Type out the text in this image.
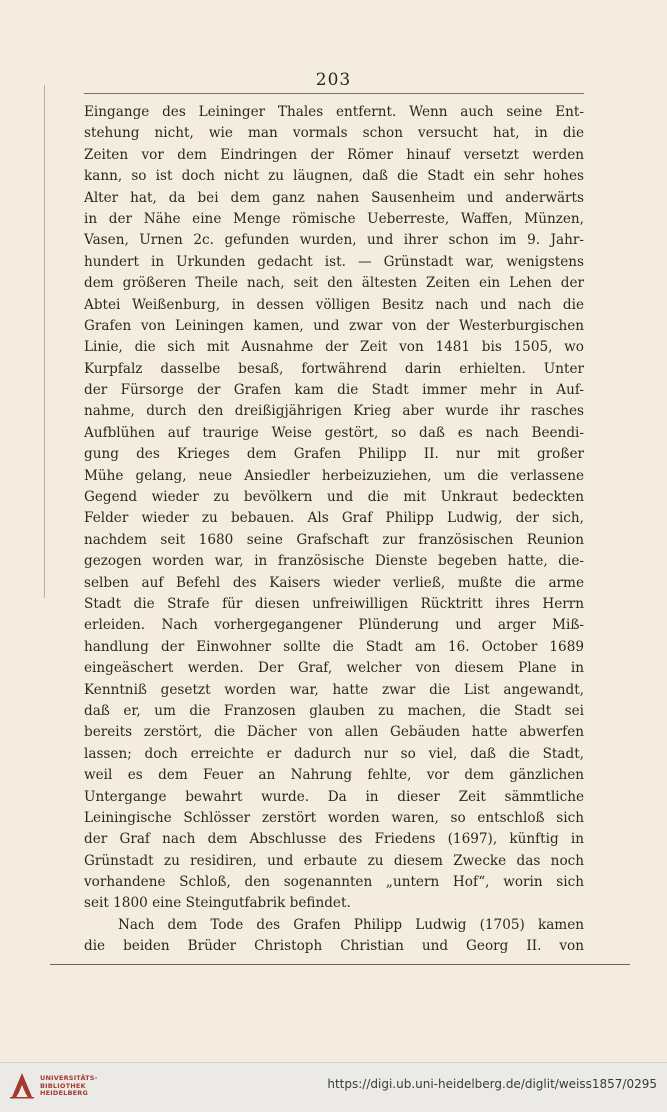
203
Eingange des Leininger Thales entfernt. Wenn auch seine Ent-
stehung nicht, wie man vormals schon versucht hat, in die
Zeiten vor dem Eindringen der Römer hinauf versetzt werden
kann, so ist doch nicht zu läugnen, daß die Stadt ein sehr hohes
Alter hat, da bei dem ganz nahen Sausenheim und anderwärts
in der Nähe eine Menge römische Ueberreste, Waffen, Münzen,
Vasen, Urnen 2c. gefunden wurden, und ihrer schon im 9. Jahr-
hundert in Urkunden gedacht ist. — Grünstadt war, wenigstens
dem größeren Theile nach, seit den ältesten Zeiten ein Lehen der
Abtei Weißenburg, in dessen völligen Besitz nach und nach die
Grafen von Leiningen kamen, und zwar von der Westerburgischen
Linie, die sich mit Ausnahme der Zeit von 1481 bis 1505, wo
Kurpfalz dasselbe besaß, fortwährend darin erhielten. Unter
der Fürsorge der Grafen kam die Stadt immer mehr in Auf-
nahme, durch den dreißigjährigen Krieg aber wurde ihr rasches
Aufblühen auf traurige Weise gestört, so daß es nach Beendi-
gung des Krieges dem Grafen Philipp II. nur mit großer
Mühe gelang, neue Ansiedler herbeizuziehen, um die verlassene
Gegend wieder zu bevölkern und die mit Unkraut bedeckten
Felder wieder zu bebauen. Als Graf Philipp Ludwig, der sich,
nachdem seit 1680 seine Grafschaft zur französischen Reunion
gezogen worden war, in französische Dienste begeben hatte, die-
selben auf Befehl des Kaisers wieder verließ, mußte die arme
Stadt die Strafe für diesen unfreiwilligen Rücktritt ihres Herrn
erleiden. Nach vorhergegangener Plünderung und arger Miß-
handlung der Einwohner sollte die Stadt am 16. October 1689
eingeäschert werden. Der Graf, welcher von diesem Plane in
Kenntniß gesetzt worden war, hatte zwar die List angewandt,
daß er, um die Franzosen glauben zu machen, die Stadt sei
bereits zerstört, die Dächer von allen Gebäuden hatte abwerfen
lassen; doch erreichte er dadurch nur so viel, daß die Stadt,
weil es dem Feuer an Nahrung fehlte, vor dem gänzlichen
Untergange bewahrt wurde. Da in dieser Zeit sämmtliche
Leiningische Schlösser zerstört worden waren, so entschloß sich
der Graf nach dem Abschlusse des Friedens (1697), künftig in
Grünstadt zu residiren, und erbaute zu diesem Zwecke das noch
vorhandene Schloß, den sogenannten „untern Hof“, worin sich
seit 1800 eine Steingutfabrik befindet.
Nach dem Tode des Grafen Philipp Ludwig (1705) kamen
die beiden Brüder Christoph Christian und Georg II. von
UNIVERSITÄTS-
BIBLIOTHEK
HEIDELBERG
https://digi.ub.uni-heidelberg.de/diglit/weiss1857/0295
